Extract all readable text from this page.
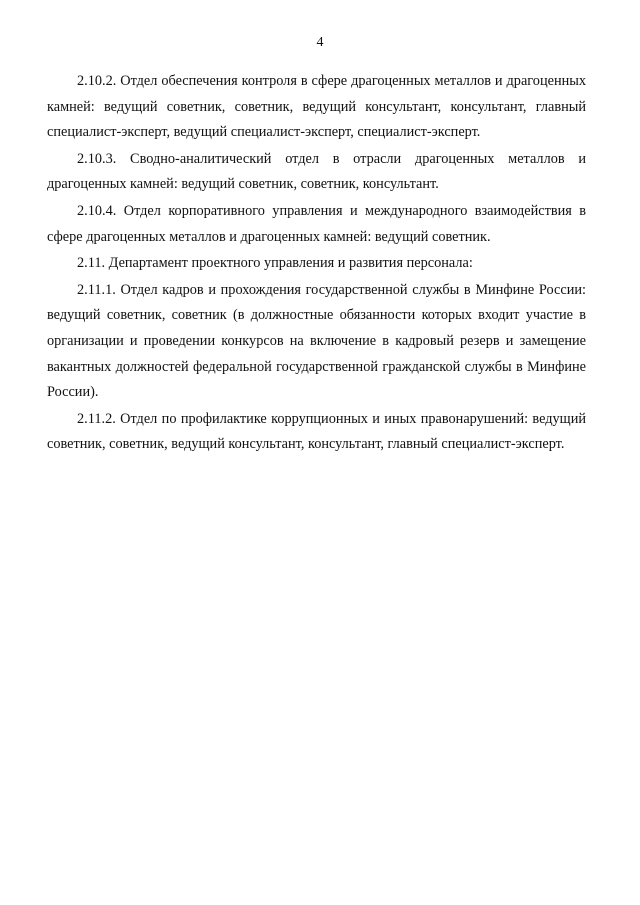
4

2.10.2. Отдел обеспечения контроля в сфере драгоценных металлов и драгоценных камней: ведущий советник, советник, ведущий консультант, консультант, главный специалист-эксперт, ведущий специалист-эксперт, специалист-эксперт.

2.10.3. Сводно-аналитический отдел в отрасли драгоценных металлов и драгоценных камней: ведущий советник, советник, консультант.

2.10.4. Отдел корпоративного управления и международного взаимодействия в сфере драгоценных металлов и драгоценных камней: ведущий советник.

2.11. Департамент проектного управления и развития персонала:

2.11.1. Отдел кадров и прохождения государственной службы в Минфине России: ведущий советник, советник (в должностные обязанности которых входит участие в организации и проведении конкурсов на включение в кадровый резерв и замещение вакантных должностей федеральной государственной гражданской службы в Минфине России).

2.11.2. Отдел по профилактике коррупционных и иных правонарушений: ведущий советник, советник, ведущий консультант, консультант, главный специалист-эксперт.
